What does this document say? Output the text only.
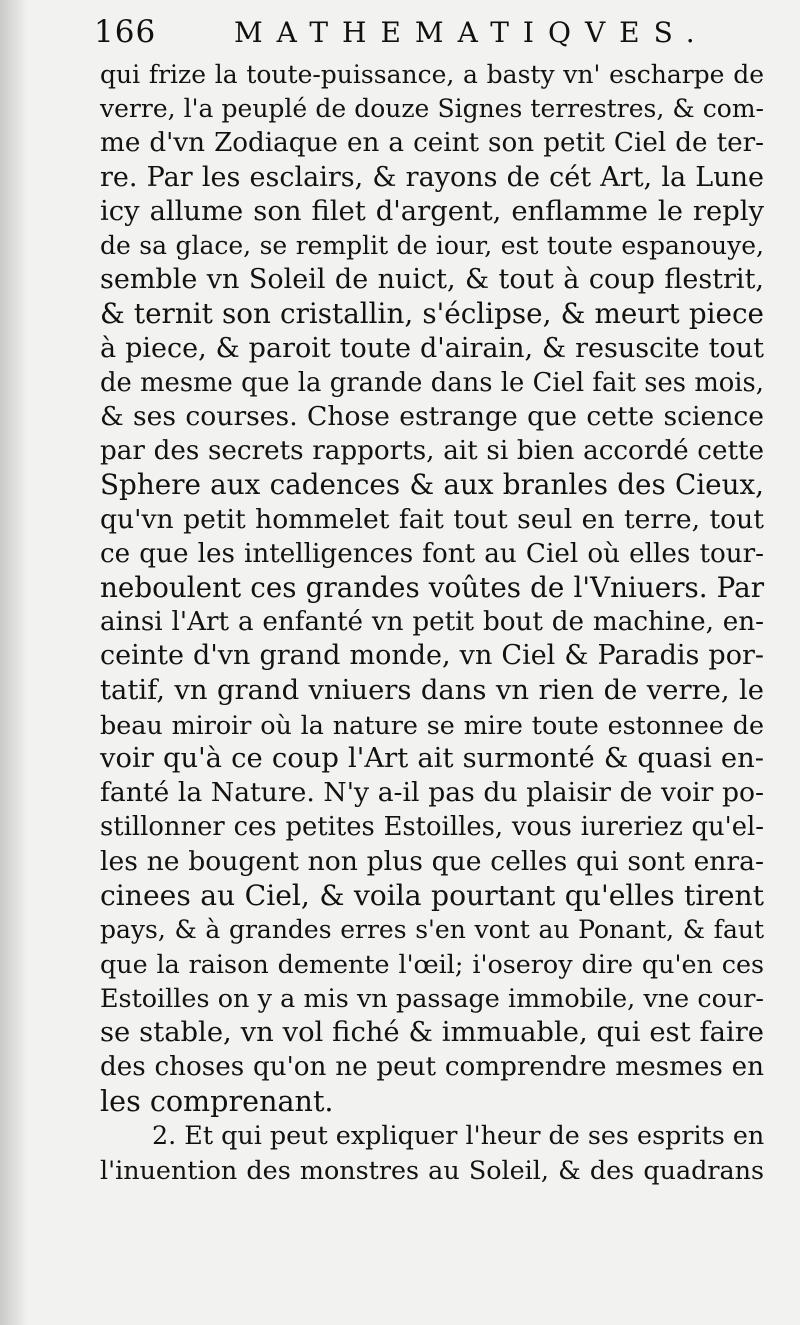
166	MATHEMATIQVES.
qui frize la toute-puissance, a basty vn' escharpe de
verre, l'a peuplé de douze Signes terrestres, & com-
me d'vn Zodiaque en a ceint son petit Ciel de ter-
re. Par les esclairs, & rayons de cét Art, la Lune
icy allume son filet d'argent, enflamme le reply
de sa glace, se remplit de iour, est toute espanouye,
semble vn Soleil de nuict, & tout à coup flestrit,
& ternit son cristallin, s'éclipse, & meurt piece
à piece, & paroit toute d'airain, & resuscite tout
de mesme que la grande dans le Ciel fait ses mois,
& ses courses. Chose estrange que cette science
par des secrets rapports, ait si bien accordé cette
Sphere aux cadences & aux branles des Cieux,
qu'vn petit hommelet fait tout seul en terre, tout
ce que les intelligences font au Ciel où elles tour-
neboulent ces grandes voûtes de l'Vniuers. Par
ainsi l'Art a enfanté vn petit bout de machine, en-
ceinte d'vn grand monde, vn Ciel & Paradis por-
tatif, vn grand vniuers dans vn rien de verre, le
beau miroir où la nature se mire toute estonnee de
voir qu'à ce coup l'Art ait surmonté & quasi en-
fanté la Nature. N'y a-il pas du plaisir de voir po-
stillonner ces petites Estoilles, vous iureriez qu'el-
les ne bougent non plus que celles qui sont enra-
cinees au Ciel, & voila pourtant qu'elles tirent
pays, & à grandes erres s'en vont au Ponant, & faut
que la raison demente l'œil; i'oseroy dire qu'en ces
Estoilles on y a mis vn passage immobile, vne cour-
se stable, vn vol fiché & immuable, qui est faire
des choses qu'on ne peut comprendre mesmes en
les comprenant.
2. Et qui peut expliquer l'heur de ses esprits en
l'inuention des monstres au Soleil, & des quadrans
